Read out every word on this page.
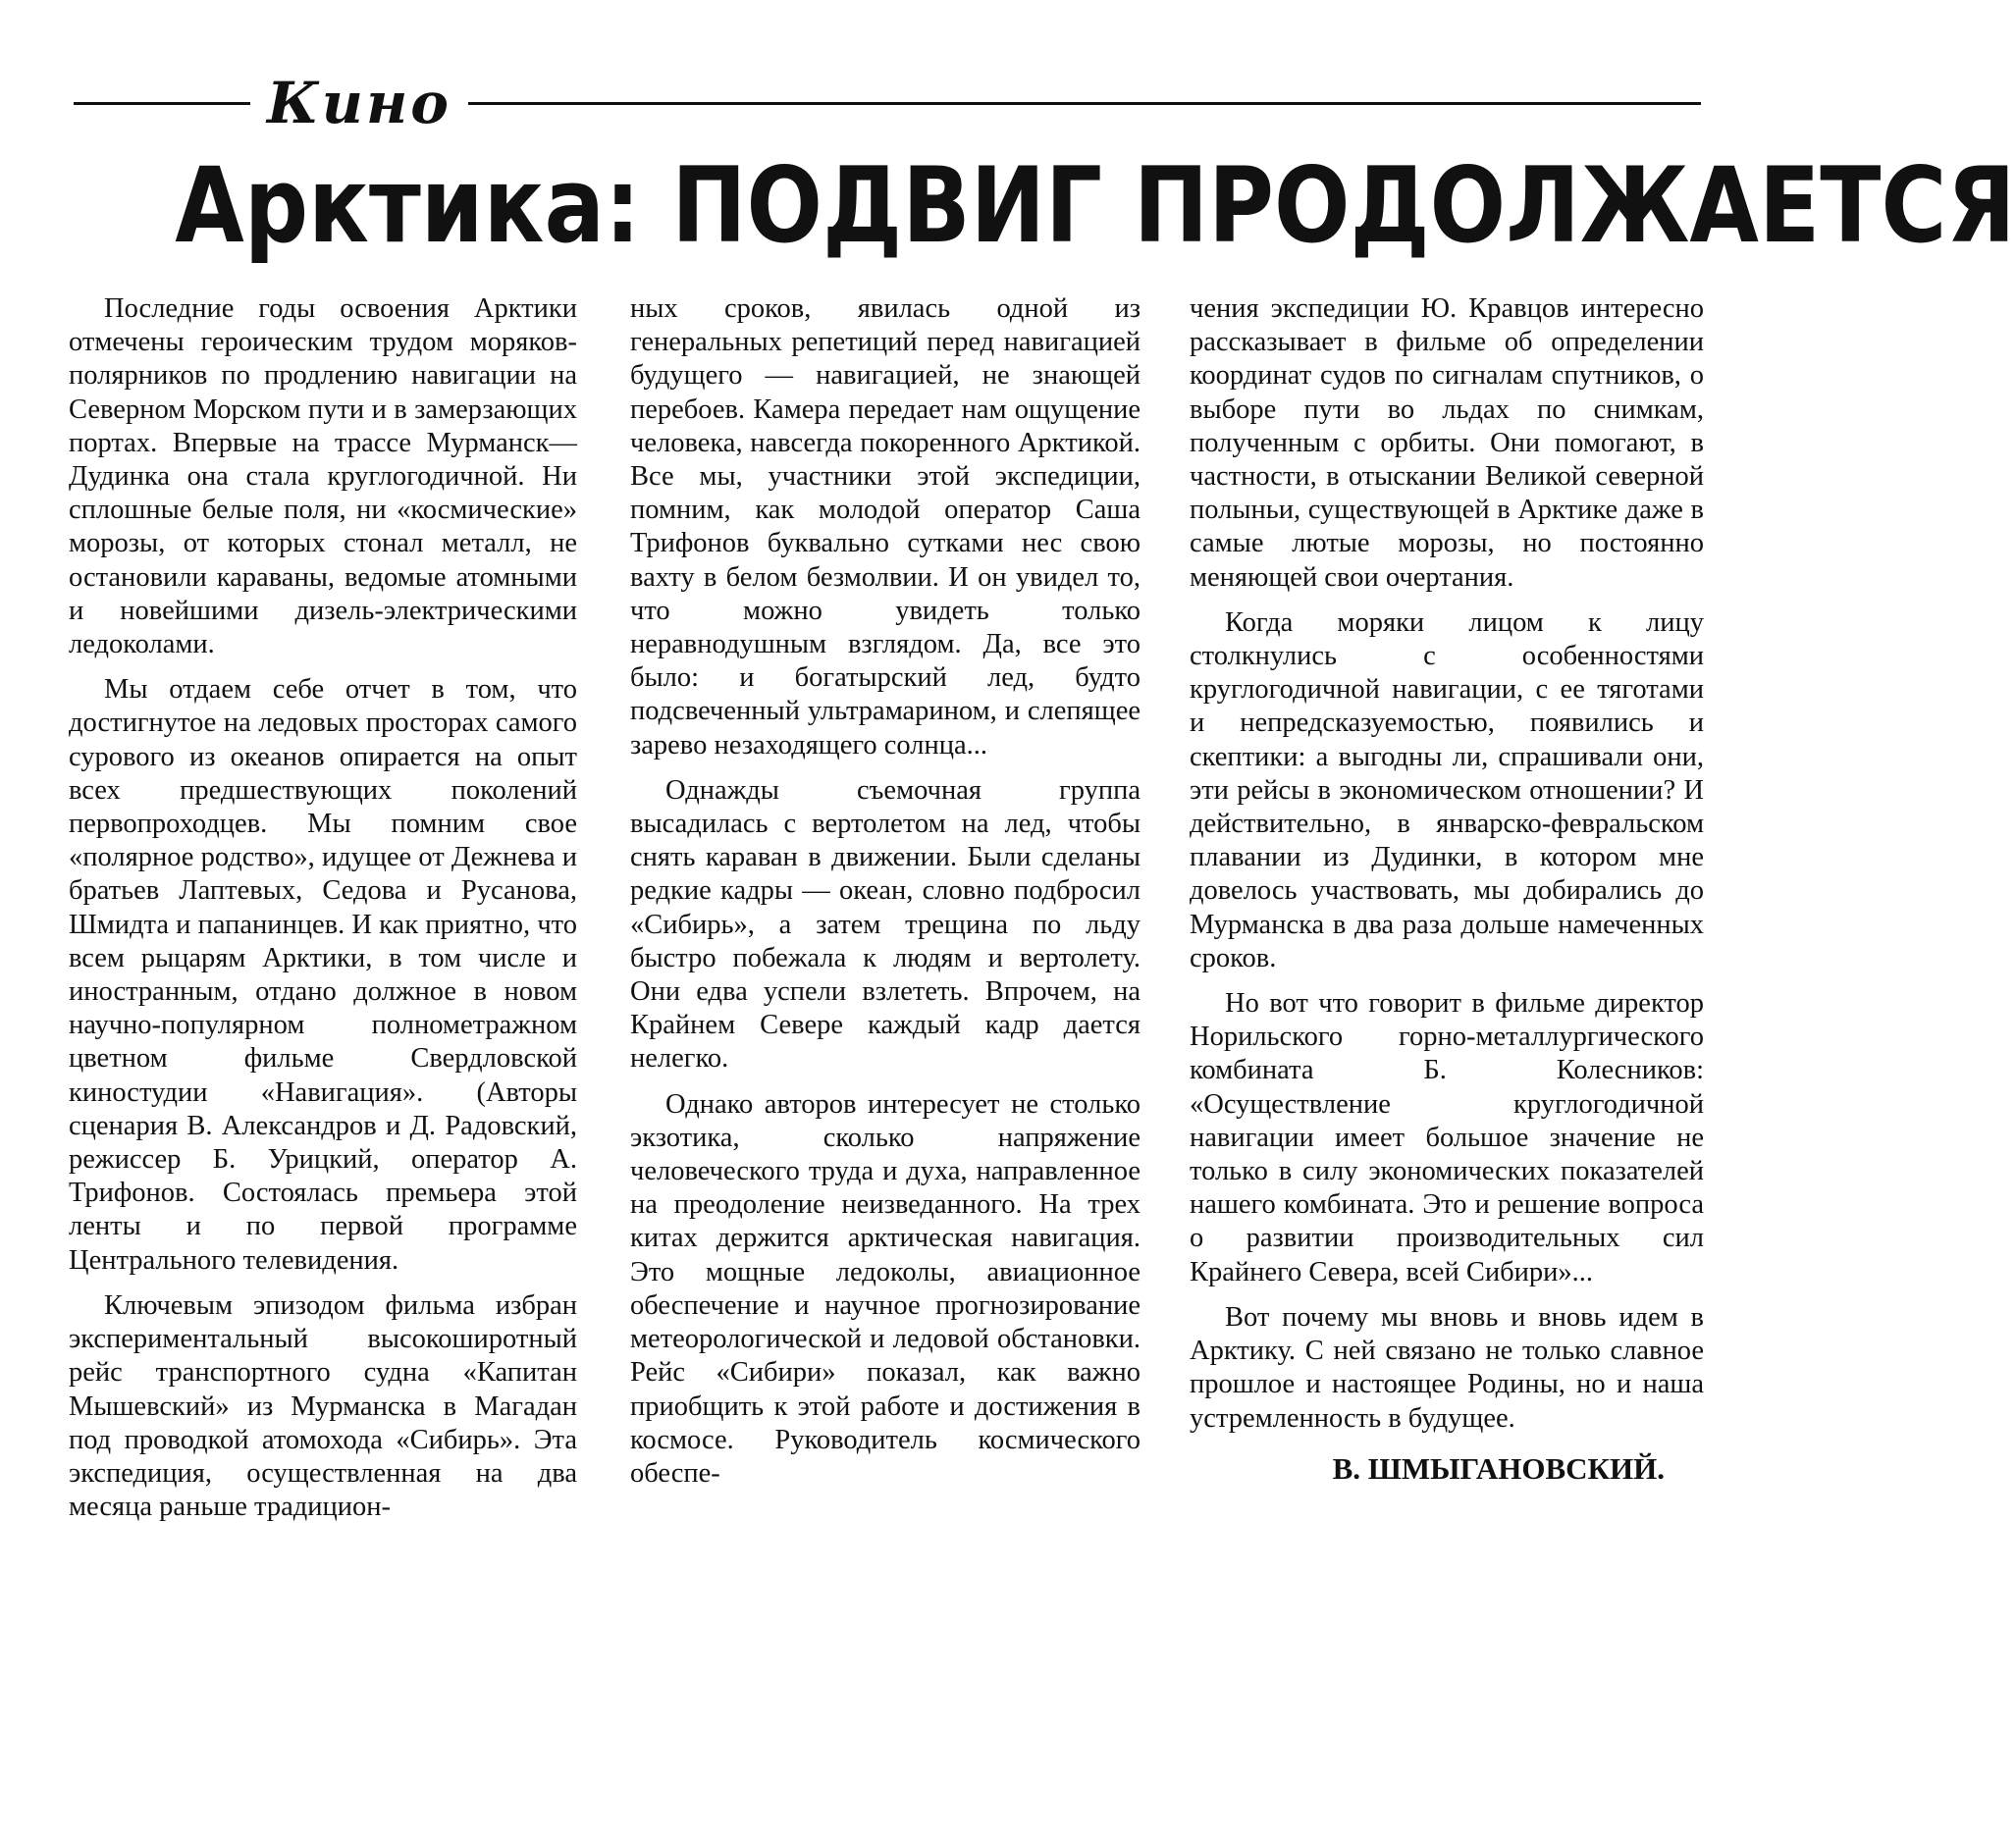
Кино
Арктика: ПОДВИГ ПРОДОЛЖАЕТСЯ

Последние годы освоения Арктики отмечены героическим трудом моряков-полярников по продлению навигации на Северном Морском пути и в замерзающих портах. Впервые на трассе Мурманск—Дудинка она стала круглогодичной. Ни сплошные белые поля, ни «космические» морозы, от которых стонал металл, не остановили караваны, ведомые атомными и новейшими дизель-электрическими ледоколами.

Мы отдаем себе отчет в том, что достигнутое на ледовых просторах самого сурового из океанов опирается на опыт всех предшествующих поколений первопроходцев. Мы помним свое «полярное родство», идущее от Дежнева и братьев Лаптевых, Седова и Русанова, Шмидта и папанинцев. И как приятно, что всем рыцарям Арктики, в том числе и иностранным, отдано должное в новом научно-популярном полнометражном цветном фильме Свердловской киностудии «Навигация». (Авторы сценария В. Александров и Д. Радовский, режиссер Б. Урицкий, оператор А. Трифонов. Состоялась премьера этой ленты и по первой программе Центрального телевидения.

Ключевым эпизодом фильма избран экспериментальный высокоширотный рейс транспортного судна «Капитан Мышевский» из Мурманска в Магадан под проводкой атомохода «Сибирь». Эта экспедиция, осуществленная на два месяца раньше традицион-

ных сроков, явилась одной из генеральных репетиций перед навигацией будущего — навигацией, не знающей перебоев. Камера передает нам ощущение человека, навсегда покоренного Арктикой. Все мы, участники этой экспедиции, помним, как молодой оператор Саша Трифонов буквально сутками нес свою вахту в белом безмолвии. И он увидел то, что можно увидеть только неравнодушным взглядом. Да, все это было: и богатырский лед, будто подсвеченный ультрамарином, и слепящее зарево незаходящего солнца...

Однажды съемочная группа высадилась с вертолетом на лед, чтобы снять караван в движении. Были сделаны редкие кадры — океан, словно подбросил «Сибирь», а затем трещина по льду быстро побежала к людям и вертолету. Они едва успели взлететь. Впрочем, на Крайнем Севере каждый кадр дается нелегко.

Однако авторов интересует не столько экзотика, сколько напряжение человеческого труда и духа, направленное на преодоление неизведанного. На трех китах держится арктическая навигация. Это мощные ледоколы, авиационное обеспечение и научное прогнозирование метеорологической и ледовой обстановки. Рейс «Сибири» показал, как важно приобщить к этой работе и достижения в космосе. Руководитель космического обеспе-

чения экспедиции Ю. Кравцов интересно рассказывает в фильме об определении координат судов по сигналам спутников, о выборе пути во льдах по снимкам, полученным с орбиты. Они помогают, в частности, в отыскании Великой северной полыньи, существующей в Арктике даже в самые лютые морозы, но постоянно меняющей свои очертания.

Когда моряки лицом к лицу столкнулись с особенностями круглогодичной навигации, с ее тяготами и непредсказуемостью, появились и скептики: а выгодны ли, спрашивали они, эти рейсы в экономическом отношении? И действительно, в январско-февральском плавании из Дудинки, в котором мне довелось участвовать, мы добирались до Мурманска в два раза дольше намеченных сроков.

Но вот что говорит в фильме директор Норильского горно-металлургического комбината Б. Колесников: «Осуществление круглогодичной навигации имеет большое значение не только в силу экономических показателей нашего комбината. Это и решение вопроса о развитии производительных сил Крайнего Севера, всей Сибири»...

Вот почему мы вновь и вновь идем в Арктику. С ней связано не только славное прошлое и настоящее Родины, но и наша устремленность в будущее.

В. ШМЫГАНОВСКИЙ.
